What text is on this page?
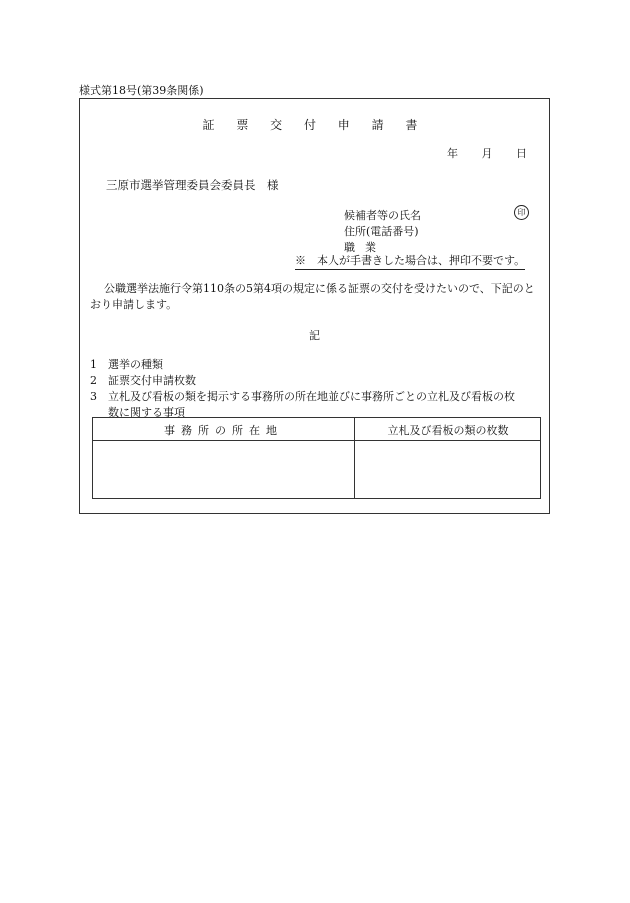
様式第18号(第39条関係)
証 票 交 付 申 請 書
年 月 日
三原市選挙管理委員会委員長　様
候補者等の氏名	印
住所(電話番号)
職業
※　本人が手書きした場合は、押印不要です。
公職選挙法施行令第110条の5第4項の規定に係る証票の交付を受けたいので、下記のとおり申請します。
記
1　選挙の種類
2　証票交付申請枚数
3 立札及び看板の類を掲示する事務所の所在地並びに事務所ごとの立札及び看板の枚
数に関する事項
事務所の所在地	立札及び看板の類の枚数
